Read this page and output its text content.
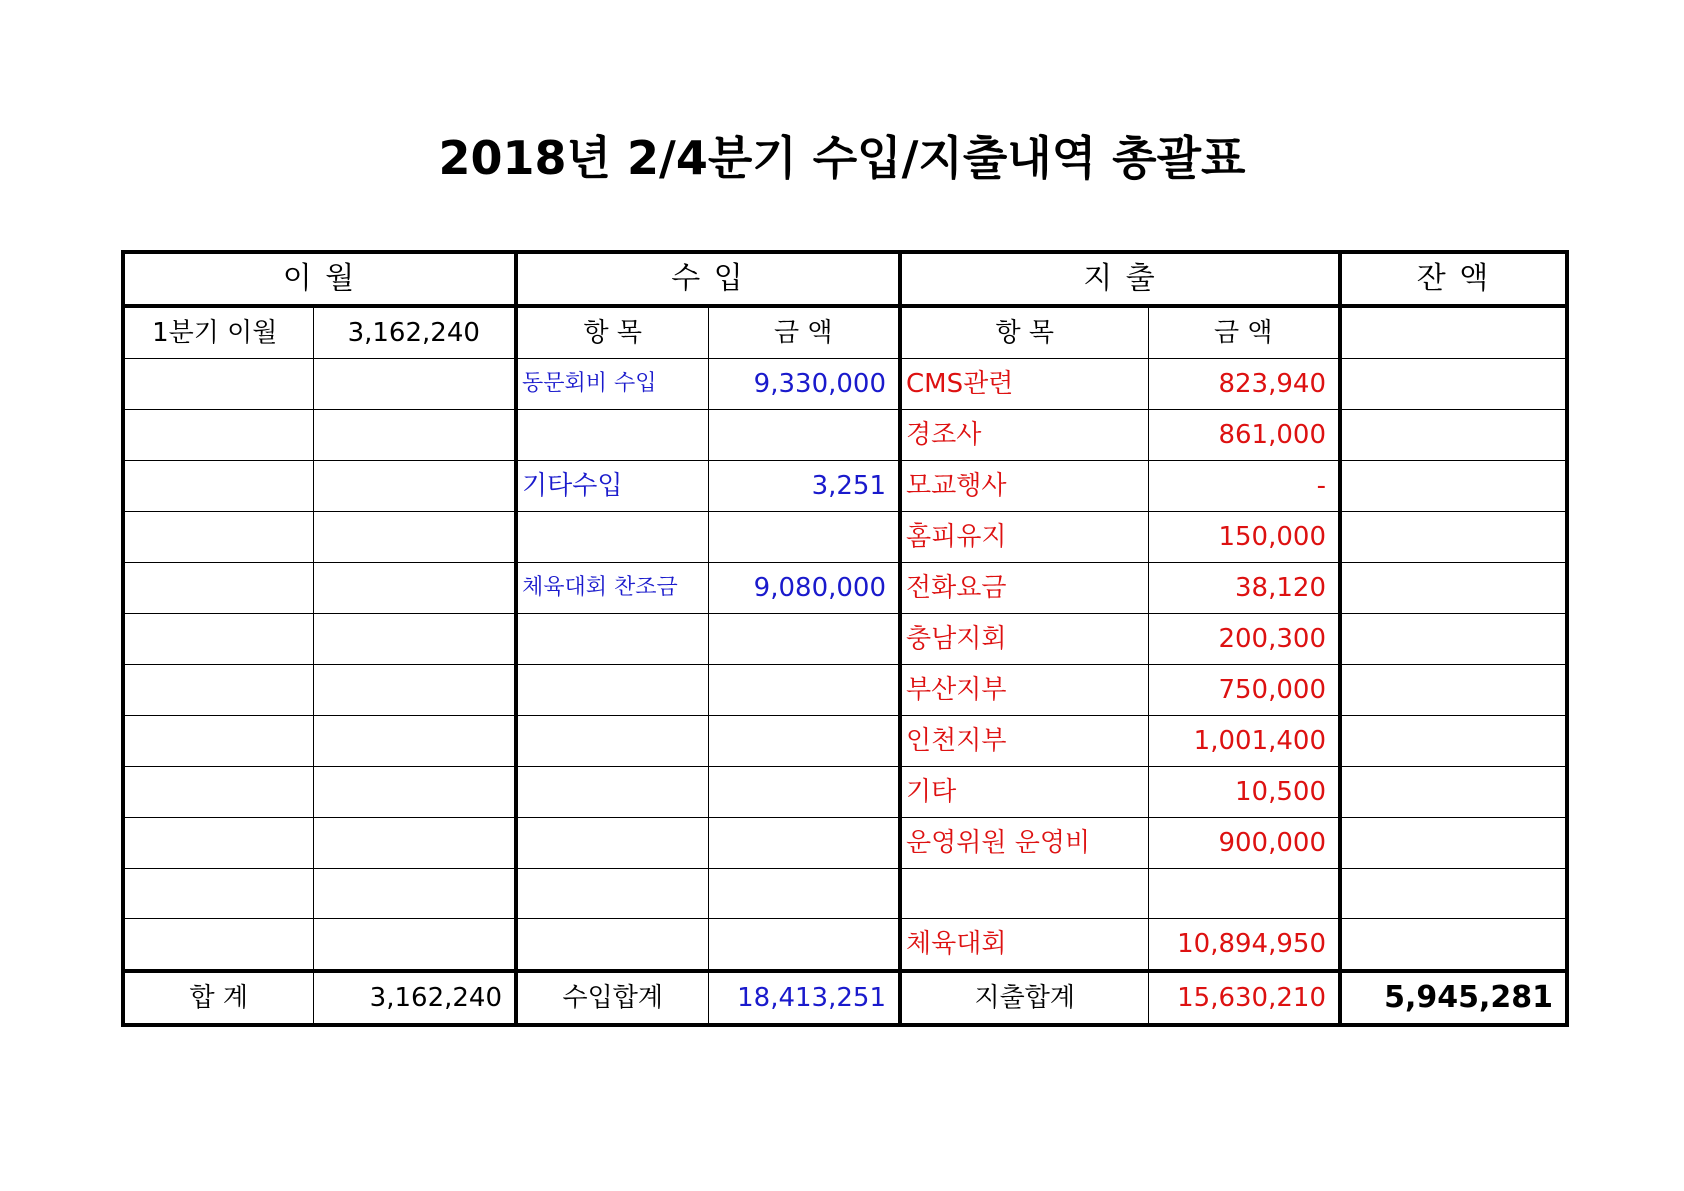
2018년 2/4분기 수입/지출내역 총괄표
이 월		수 입		지 출		잔 액
1분기 이월	3,162,240	항 목	금 액	항 목	금 액	
		동문회비 수입	9,330,000	CMS관련	823,940	
				경조사	861,000	
		기타수입	3,251	모교행사	-	
				홈피유지	150,000	
		체육대회 찬조금	9,080,000	전화요금	38,120	
				충남지회	200,300	
				부산지부	750,000	
				인천지부	1,001,400	
				기타	10,500	
				운영위원 운영비	900,000	

				체육대회	10,894,950	
합 계	3,162,240	수입합계	18,413,251	지출합계	15,630,210	5,945,281
